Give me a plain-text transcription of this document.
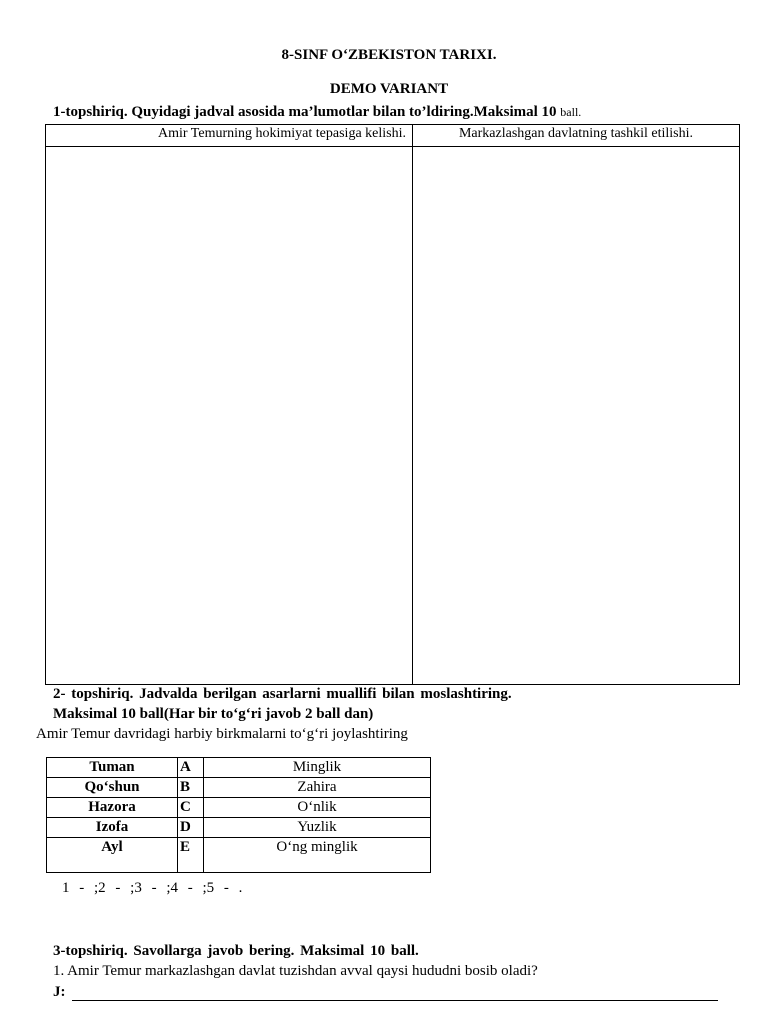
8-SINF O‘ZBEKISTON TARIXI.
DEMO VARIANT
1-topshiriq. Quyidagi jadval asosida ma’lumotlar bilan to’ldiring.Maksimal 10 ball.
Amir Temurning hokimiyat tepasiga kelishi.	Markazlashgan davlatning tashkil etilishi.
2- topshiriq. Jadvalda berilgan asarlarni muallifi bilan moslashtiring.
Maksimal 10 ball(Har bir to‘g‘ri javob 2 ball dan)
Amir Temur davridagi harbiy birkmalarni to‘g‘ri joylashtiring
Tuman	A	Minglik
Qo‘shun	B	Zahira
Hazora	C	O‘nlik
Izofa	D	Yuzlik
Ayl	E	O‘ng minglik
1 - ;2 - ;3 - ;4 - ;5 - .
3-topshiriq. Savollarga javob bering. Maksimal 10 ball.
1. Amir Temur markazlashgan davlat tuzishdan avval qaysi hududni bosib oladi?
J:
